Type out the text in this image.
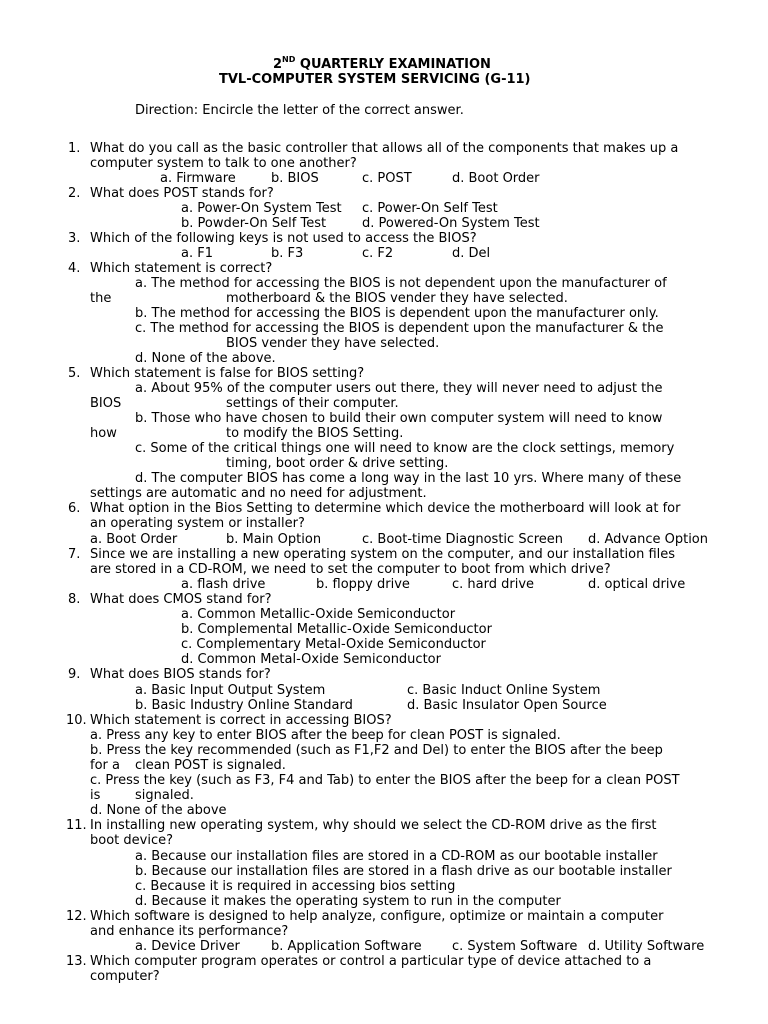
2ND QUARTERLY EXAMINATION
TVL-COMPUTER SYSTEM SERVICING (G-11)
Direction: Encircle the letter of the correct answer.
1. What do you call as the basic controller that allows all of the components that makes up a
computer system to talk to one another?
a. Firmware	b. BIOS	c. POST	d. Boot Order
2. What does POST stands for?
a. Power-On System Test c. Power-On Self Test
b. Powder-On Self Test	d. Powered-On System Test
3. Which of the following keys is not used to access the BIOS?
a. F1	b. F3	c. F2	d. Del
4. Which statement is correct?
a. The method for accessing the BIOS is not dependent upon the manufacturer of
the	motherboard & the BIOS vender they have selected.
b. The method for accessing the BIOS is dependent upon the manufacturer only.
c. The method for accessing the BIOS is dependent upon the manufacturer & the
BIOS vender they have selected.
d. None of the above.
5. Which statement is false for BIOS setting?
a. About 95% of the computer users out there, they will never need to adjust the
BIOS	settings of their computer.
b. Those who have chosen to build their own computer system will need to know
how	to modify the BIOS Setting.
c. Some of the critical things one will need to know are the clock settings, memory
timing, boot order & drive setting.
d. The computer BIOS has come a long way in the last 10 yrs. Where many of these
settings are automatic and no need for adjustment.
6. What option in the Bios Setting to determine which device the motherboard will look at for
an operating system or installer?
a. Boot Order	b. Main Option	c. Boot-time Diagnostic Screen d. Advance Option
7. Since we are installing a new operating system on the computer, and our installation files
are stored in a CD-ROM, we need to set the computer to boot from which drive?
a. flash drive	b. floppy drive	c. hard drive	d. optical drive
8. What does CMOS stand for?
a. Common Metallic-Oxide Semiconductor
b. Complemental Metallic-Oxide Semiconductor
c. Complementary Metal-Oxide Semiconductor
d. Common Metal-Oxide Semiconductor
9. What does BIOS stands for?
a. Basic Input Output System	c. Basic Induct Online System
b. Basic Industry Online Standard	d. Basic Insulator Open Source
10. Which statement is correct in accessing BIOS?
a. Press any key to enter BIOS after the beep for clean POST is signaled.
b. Press the key recommended (such as F1,F2 and Del) to enter the BIOS after the beep
for a clean POST is signaled.
c. Press the key (such as F3, F4 and Tab) to enter the BIOS after the beep for a clean POST
is	signaled.
d. None of the above
11. In installing new operating system, why should we select the CD-ROM drive as the first
boot device?
a. Because our installation files are stored in a CD-ROM as our bootable installer
b. Because our installation files are stored in a flash drive as our bootable installer
c. Because it is required in accessing bios setting
d. Because it makes the operating system to run in the computer
12. Which software is designed to help analyze, configure, optimize or maintain a computer
and enhance its performance?
a. Device Driver b. Application Software c. System Software d. Utility Software
13. Which computer program operates or control a particular type of device attached to a
computer?
